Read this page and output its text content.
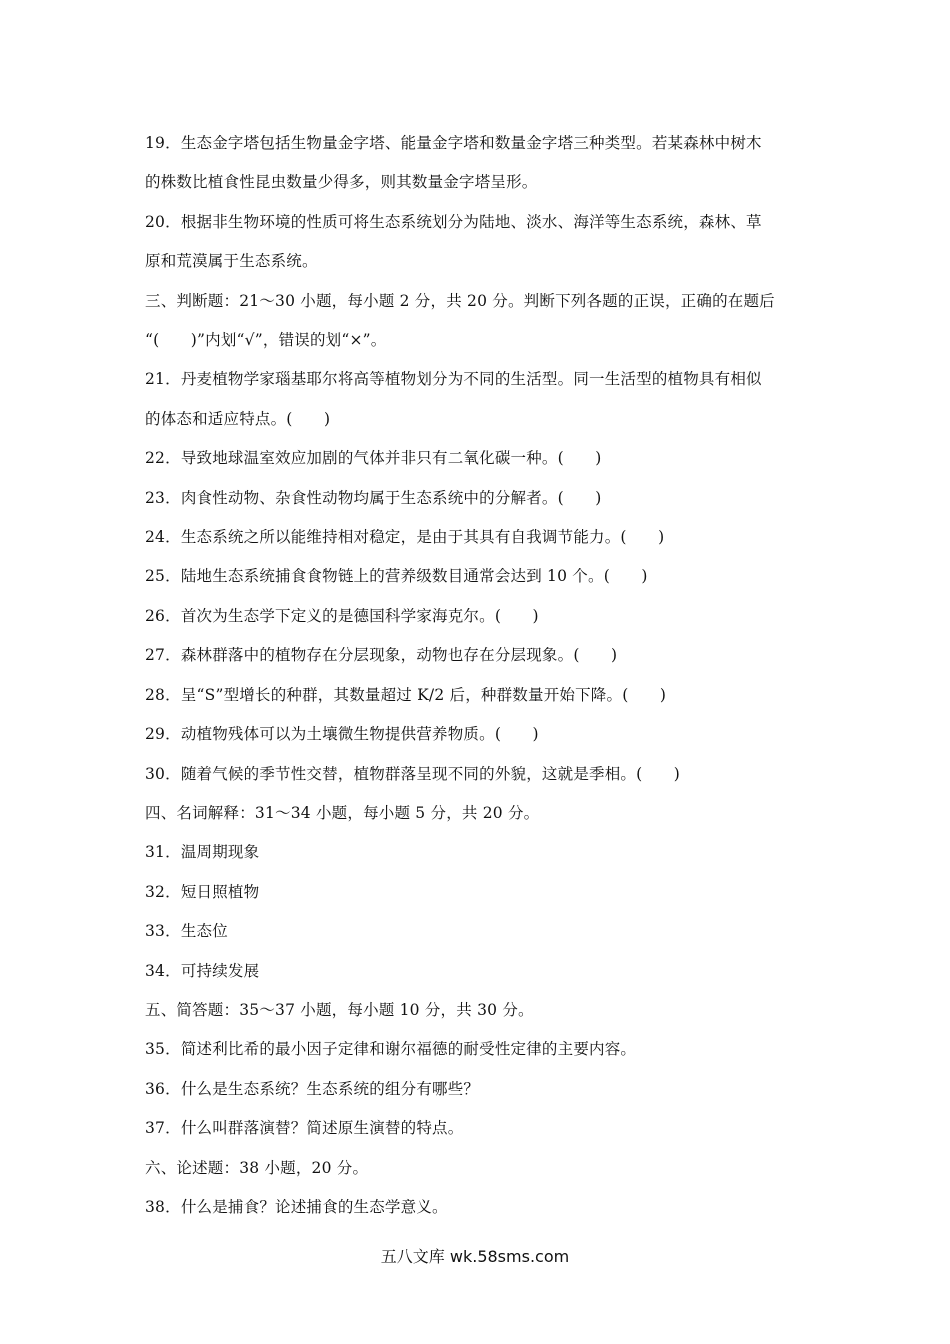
19．生态金字塔包括生物量金字塔、能量金字塔和数量金字塔三种类型。若某森林中树木
的株数比植食性昆虫数量少得多，则其数量金字塔呈形。
20．根据非生物环境的性质可将生态系统划分为陆地、淡水、海洋等生态系统，森林、草
原和荒漠属于生态系统。
三、判断题：21～30 小题，每小题 2 分，共 20 分。判断下列各题的正误，正确的在题后
“(　　)”内划“√”，错误的划“×”。
21．丹麦植物学家瑙基耶尔将高等植物划分为不同的生活型。同一生活型的植物具有相似
的体态和适应特点。(　　)
22．导致地球温室效应加剧的气体并非只有二氧化碳一种。(　　)
23．肉食性动物、杂食性动物均属于生态系统中的分解者。(　　)
24．生态系统之所以能维持相对稳定，是由于其具有自我调节能力。(　　)
25．陆地生态系统捕食食物链上的营养级数目通常会达到 10 个。(　　)
26．首次为生态学下定义的是德国科学家海克尔。(　　)
27．森林群落中的植物存在分层现象，动物也存在分层现象。(　　)
28．呈“S”型增长的种群，其数量超过 K/2 后，种群数量开始下降。(　　)
29．动植物残体可以为土壤微生物提供营养物质。(　　)
30．随着气候的季节性交替，植物群落呈现不同的外貌，这就是季相。(　　)
四、名词解释：31～34 小题，每小题 5 分，共 20 分。
31．温周期现象
32．短日照植物
33．生态位
34．可持续发展
五、简答题：35～37 小题，每小题 10 分，共 30 分。
35．简述利比希的最小因子定律和谢尔福德的耐受性定律的主要内容。
36．什么是生态系统？生态系统的组分有哪些？
37．什么叫群落演替？简述原生演替的特点。
六、论述题：38 小题，20 分。
38．什么是捕食？论述捕食的生态学意义。
五八文库 wk.58sms.com
